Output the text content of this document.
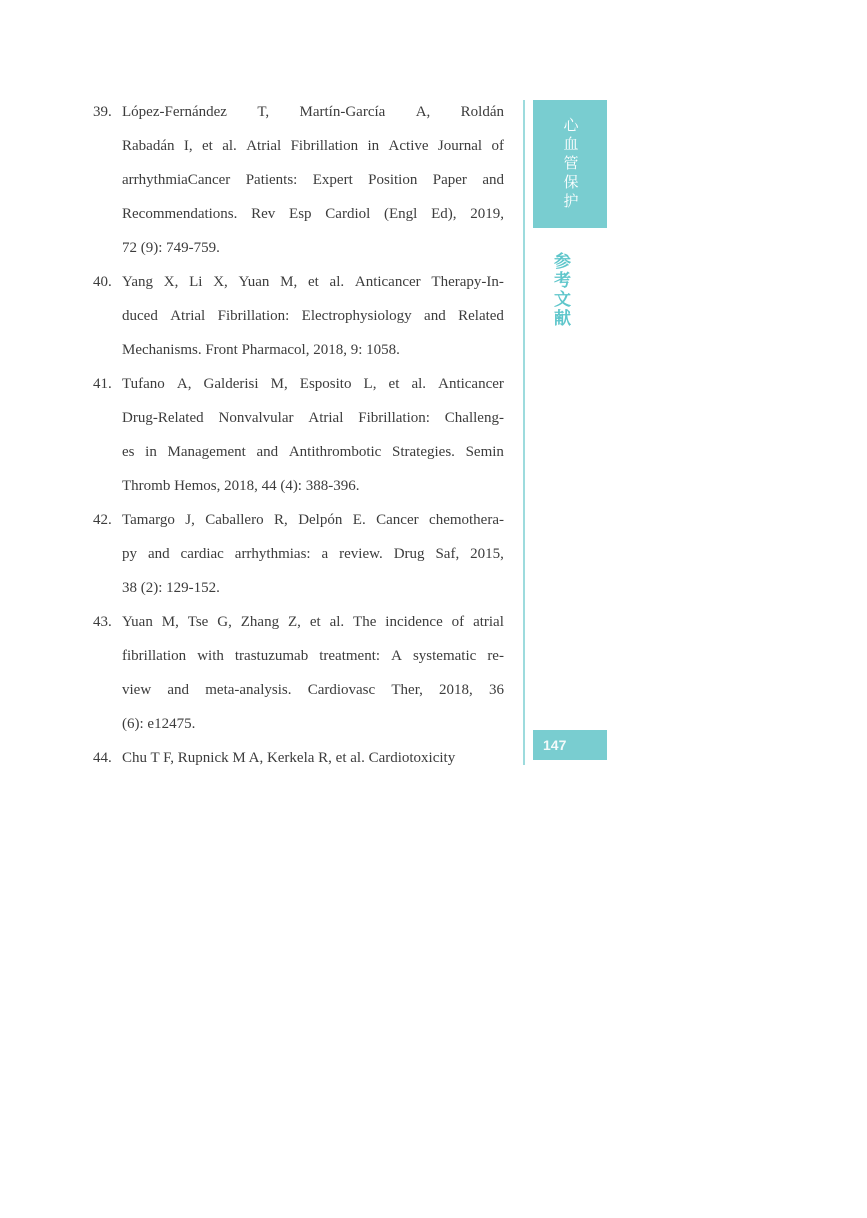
39. López-Fernández T, Martín-García A, Roldán
Rabadán I, et al. Atrial Fibrillation in Active Journal of
arrhythmiaCancer Patients: Expert Position Paper and
Recommendations. Rev Esp Cardiol (Engl Ed), 2019,
72 (9): 749-759.
40. Yang X, Li X, Yuan M, et al. Anticancer Therapy-In-
duced Atrial Fibrillation: Electrophysiology and Related
Mechanisms. Front Pharmacol, 2018, 9: 1058.
41. Tufano A, Galderisi M, Esposito L, et al. Anticancer
Drug-Related Nonvalvular Atrial Fibrillation: Challeng-
es in Management and Antithrombotic Strategies. Semin
Thromb Hemos, 2018, 44 (4): 388-396.
42. Tamargo J, Caballero R, Delpón E. Cancer chemothera-
py and cardiac arrhythmias: a review. Drug Saf, 2015,
38 (2): 129-152.
43. Yuan M, Tse G, Zhang Z, et al. The incidence of atrial
fibrillation with trastuzumab treatment: A systematic re-
view and meta-analysis. Cardiovasc Ther, 2018, 36
(6): e12475.
44. Chu T F, Rupnick M A, Kerkela R, et al. Cardiotoxicity
心血管保护
参考文献
147
